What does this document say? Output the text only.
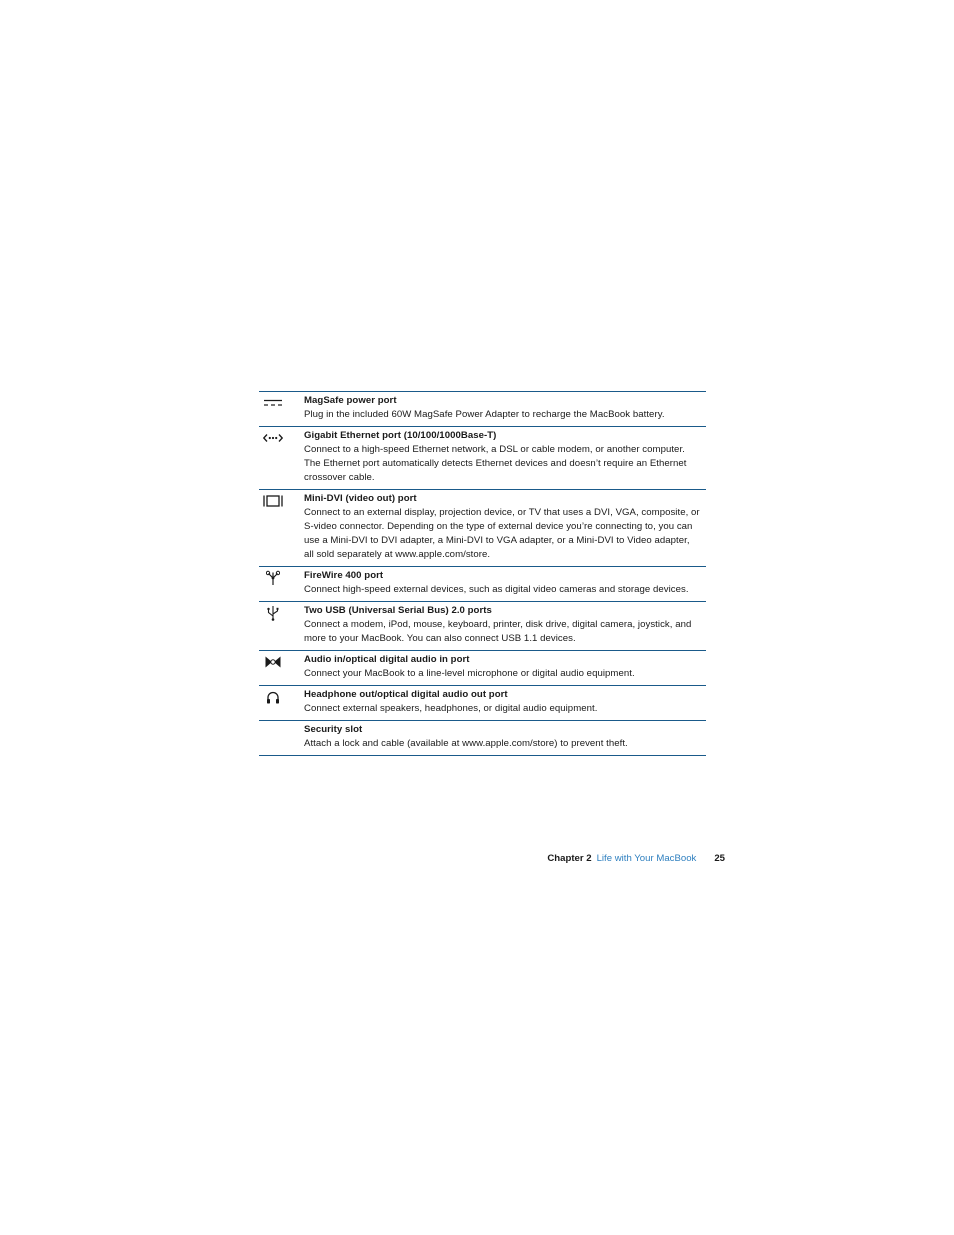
MagSafe power port
Plug in the included 60W MagSafe Power Adapter to recharge the MacBook battery.
Gigabit Ethernet port (10/100/1000Base-T)
Connect to a high-speed Ethernet network, a DSL or cable modem, or another computer. The Ethernet port automatically detects Ethernet devices and doesn’t require an Ethernet crossover cable.
Mini-DVI (video out) port
Connect to an external display, projection device, or TV that uses a DVI, VGA, composite, or S-video connector. Depending on the type of external device you’re connecting to, you can use a Mini-DVI to DVI adapter, a Mini-DVI to VGA adapter, or a Mini-DVI to Video adapter, all sold separately at www.apple.com/store.
FireWire 400 port
Connect high-speed external devices, such as digital video cameras and storage devices.
Two USB (Universal Serial Bus) 2.0 ports
Connect a modem, iPod, mouse, keyboard, printer, disk drive, digital camera, joystick, and more to your MacBook. You can also connect USB 1.1 devices.
Audio in/optical digital audio in port
Connect your MacBook to a line-level microphone or digital audio equipment.
Headphone out/optical digital audio out port
Connect external speakers, headphones, or digital audio equipment.
Security slot
Attach a lock and cable (available at www.apple.com/store) to prevent theft.
Chapter 2 Life with Your MacBook 25
